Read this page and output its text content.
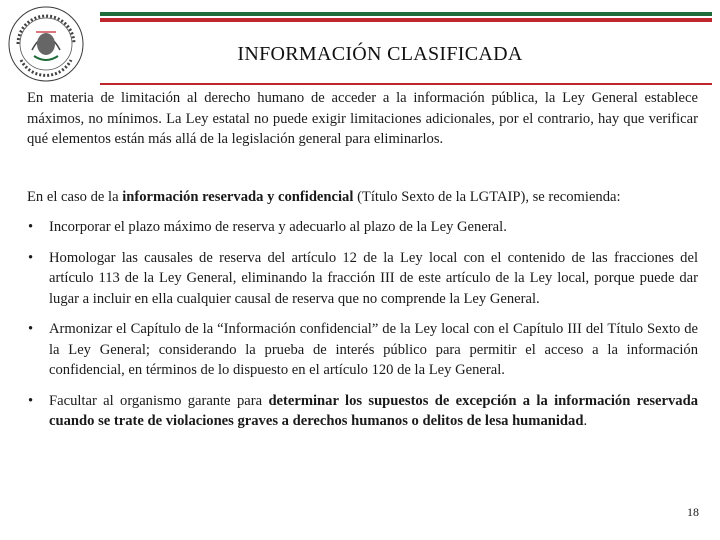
INFORMACIÓN CLASIFICADA

En materia de limitación al derecho humano de acceder a la información pública, la Ley General establece máximos, no mínimos. La Ley estatal no puede exigir limitaciones adicionales, por el contrario, hay que verificar qué elementos están más allá de la legislación general para eliminarlos.

En el caso de la información reservada y confidencial (Título Sexto de la LGTAIP), se recomienda:

• Incorporar el plazo máximo de reserva y adecuarlo al plazo de la Ley General.
• Homologar las causales de reserva del artículo 12 de la Ley local con el contenido de las fracciones del artículo 113 de la Ley General, eliminando la fracción III de este artículo de la Ley local, porque puede dar lugar a incluir en ella cualquier causal de reserva que no comprende la Ley General.
• Armonizar el Capítulo de la “Información confidencial” de la Ley local con el Capítulo III del Título Sexto de la Ley General; considerando la prueba de interés público para permitir el acceso a la información confidencial, en términos de lo dispuesto en el artículo 120 de la Ley General.
• Facultar al organismo garante para determinar los supuestos de excepción a la información reservada cuando se trate de violaciones graves a derechos humanos o delitos de lesa humanidad.
18
